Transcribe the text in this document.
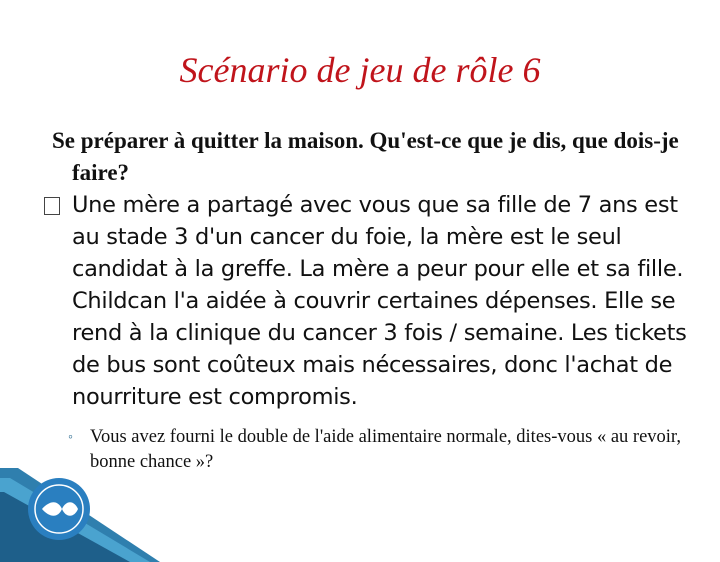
Scénario de jeu de rôle 6

Se préparer à quitter la maison. Qu'est-ce que je dis, que dois-je faire?

Une mère a partagé avec vous que sa fille de 7 ans est au stade 3 d'un cancer du foie, la mère est le seul candidat à la greffe. La mère a peur pour elle et sa fille. Childcan l'a aidée à couvrir certaines dépenses. Elle se rend à la clinique du cancer 3 fois / semaine. Les tickets de bus sont coûteux mais nécessaires, donc l'achat de nourriture est compromis.
◦ Vous avez fourni le double de l'aide alimentaire normale, dites-vous « au revoir, bonne chance »?
